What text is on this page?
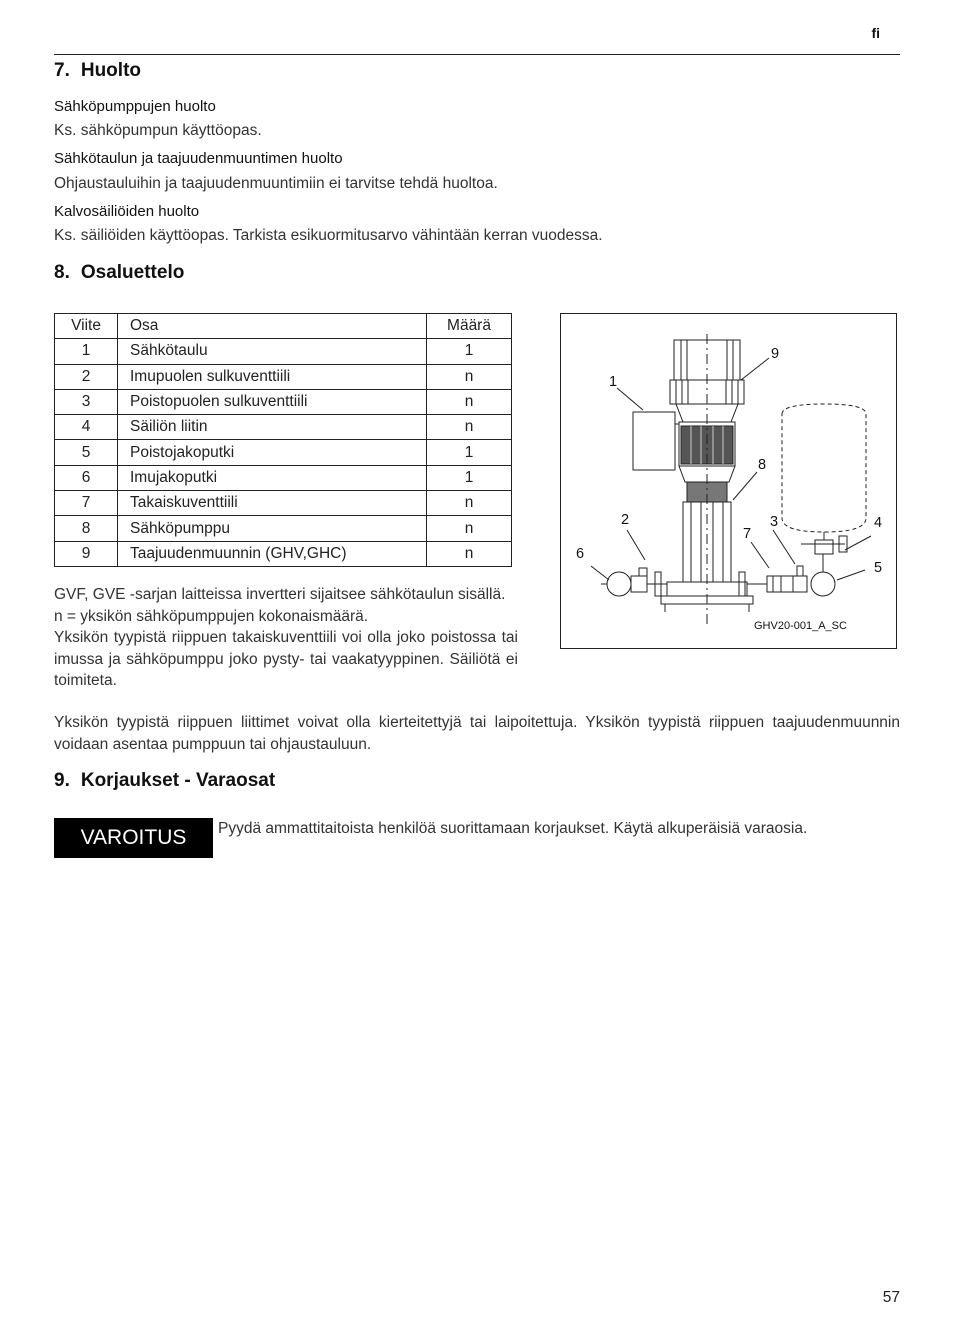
fi
7. Huolto
Sähköpumppujen huolto
Ks. sähköpumpun käyttöopas.
Sähkötaulun ja taajuudenmuuntimen huolto
Ohjaustauluihin ja taajuudenmuuntimiin ei tarvitse tehdä huoltoa.
Kalvosäiliöiden huolto
Ks. säiliöiden käyttöopas. Tarkista esikuormitusarvo vähintään kerran vuodessa.
8. Osaluettelo
Viite	Osa	Määrä
1	Sähkötaulu	1
2	Imupuolen sulkuventtiili	n
3	Poistopuolen sulkuventtiili	n
4	Säiliön liitin	n
5	Poistojakoputki	1
6	Imujakoputki	1
7	Takaiskuventtiili	n
8	Sähköpumppu	n
9	Taajuudenmuunnin (GHV,GHC)	n
1
9
8
2	3	4
7
6
5
GHV20-001_A_SC

GVF, GVE -sarjan laitteissa invertteri sijaitsee sähkötaulun sisällä.

n = yksikön sähköpumppujen kokonaismäärä.

Yksikön tyypistä riippuen takaiskuventtiili voi olla joko poistossa tai imussa ja sähköpumppu joko pysty- tai vaakatyyppinen. Säiliötä ei toimiteta.

Yksikön tyypistä riippuen liittimet voivat olla kierteitettyjä tai laipoitettuja. Yksikön tyypistä riippuen taajuudenmuunnin voidaan asentaa pumppuun tai ohjaustauluun.
9. Korjaukset - Varaosat
VAROITUS	Pyydä ammattitaitoista henkilöä suorittamaan korjaukset. Käytä alkuperäisiä varaosia.
57
